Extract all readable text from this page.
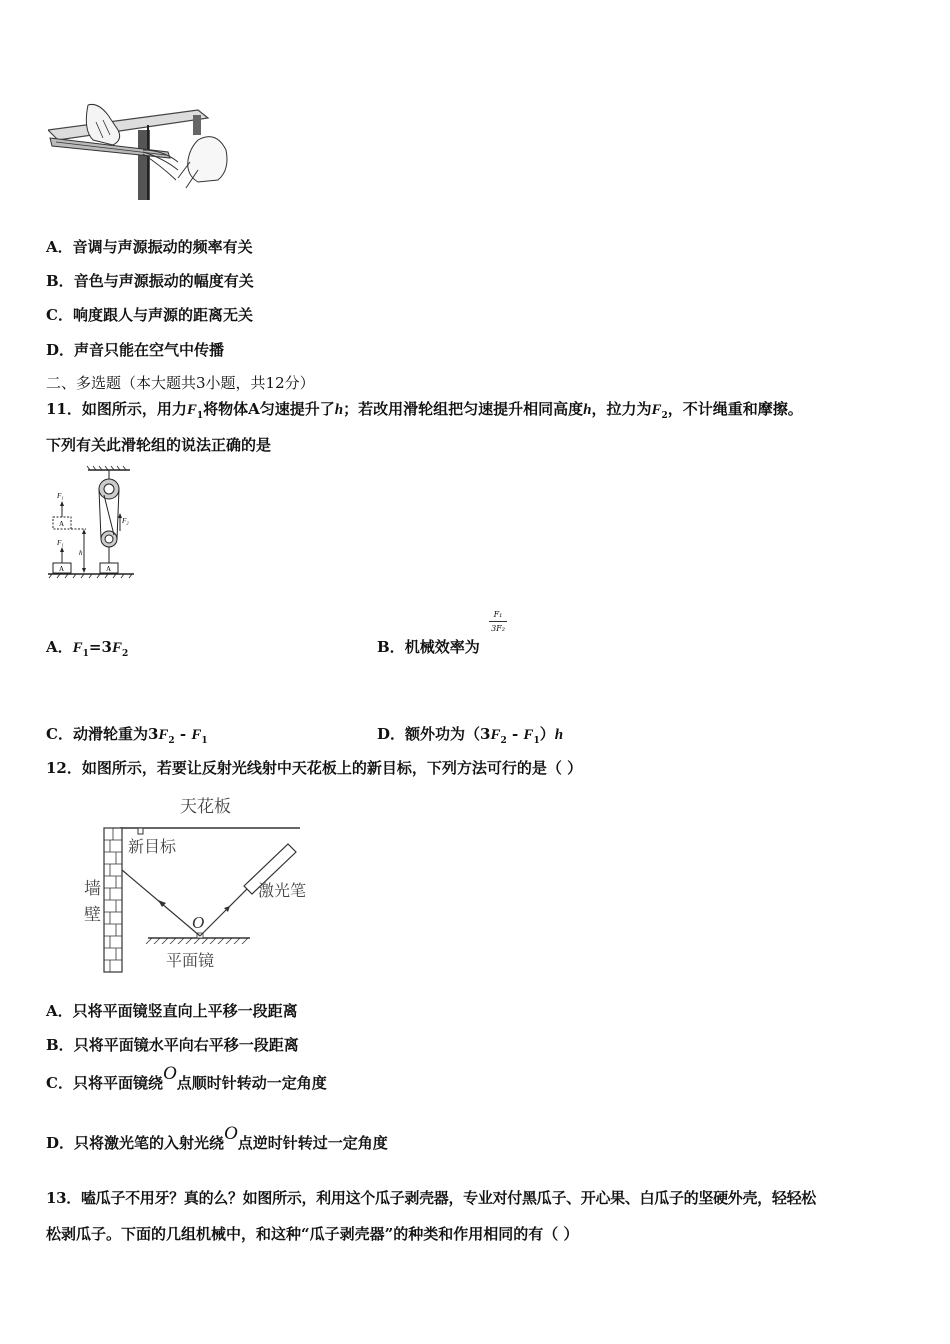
A．音调与声源振动的频率有关
B．音色与声源振动的幅度有关
C．响度跟人与声源的距离无关
D．声音只能在空气中传播
二、多选题（本大题共3小题，共12分）
11．如图所示，用力$F_1$将物体A匀速提升了h；若改用滑轮组把匀速提升相同高度h，拉力为$F_2$，不计绳重和摩擦。
下列有关此滑轮组的说法正确的是
F₂
A
A
A
F₁
F₁
h
A．$F_1=3F_2$	B．机械效率为
F₁
3F₂
C．动滑轮重为$3F_2 - F_1$	D．额外功为$(3F_2 - F_1)h$
12．如图所示，若要让反射光线射中天花板上的新目标，下列方法可行的是（ ）
天花板
新目标
墙
壁
平面镜
O
激光笔
A．只将平面镜竖直向上平移一段距离
B．只将平面镜水平向右平移一段距离
C．只将平面镜绕O点顺时针转动一定角度
D．只将激光笔的入射光绕O点逆时针转过一定角度
13．嗑瓜子不用牙？真的么？如图所示，利用这个瓜子剥壳器，专业对付黑瓜子、开心果、白瓜子的坚硬外壳，轻轻松
松剥瓜子。下面的几组机械中，和这种“瓜子剥壳器”的种类和作用相同的有（ ）
